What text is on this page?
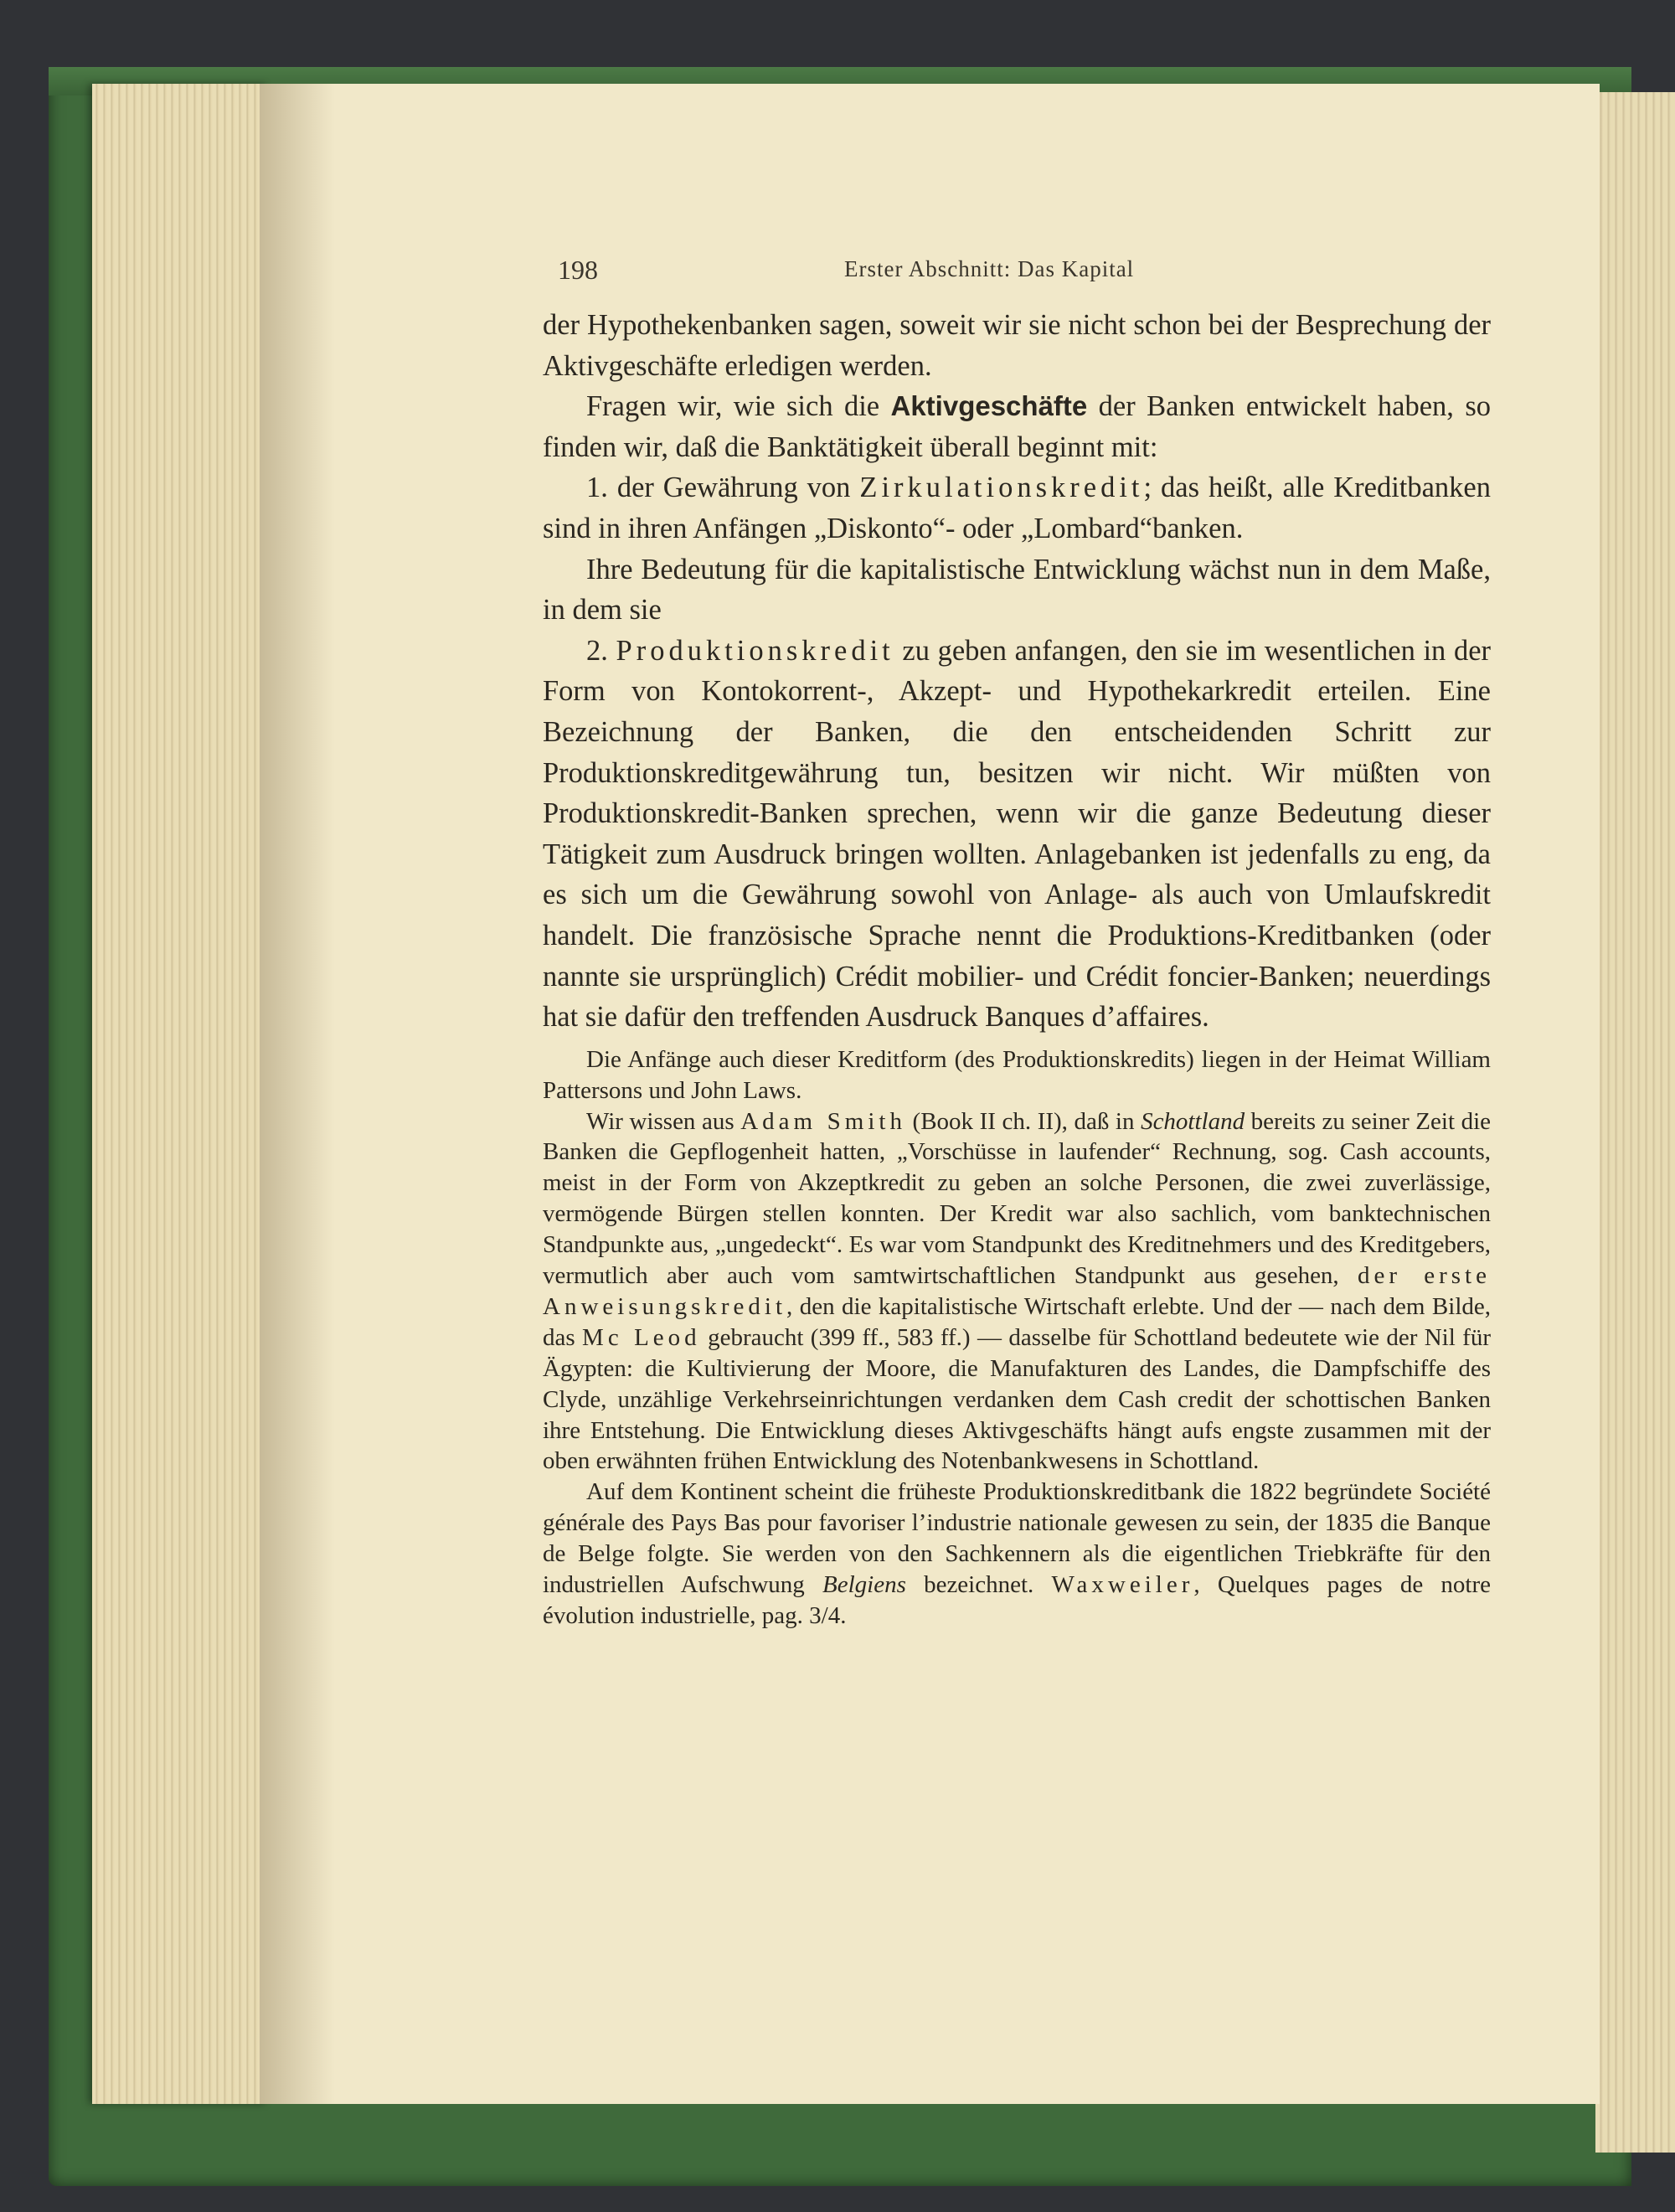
198	Erster Abschnitt: Das Kapital

der Hypothekenbanken sagen, soweit wir sie nicht schon bei der Besprechung der Aktivgeschäfte erledigen werden.

Fragen wir, wie sich die Aktivgeschäfte der Banken entwickelt haben, so finden wir, daß die Banktätigkeit überall beginnt mit:

1. der Gewährung von Zirkulationskredit; das heißt, alle Kreditbanken sind in ihren Anfängen „Diskonto“- oder „Lombard“banken.

Ihre Bedeutung für die kapitalistische Entwicklung wächst nun in dem Maße, in dem sie

2. Produktionskredit zu geben anfangen, den sie im wesentlichen in der Form von Kontokorrent-, Akzept- und Hypothekarkredit erteilen. Eine Bezeichnung der Banken, die den entscheidenden Schritt zur Produktionskreditgewährung tun, besitzen wir nicht. Wir müßten von Produktionskredit-Banken sprechen, wenn wir die ganze Bedeutung dieser Tätigkeit zum Ausdruck bringen wollten. Anlagebanken ist jedenfalls zu eng, da es sich um die Gewährung sowohl von Anlage- als auch von Umlaufskredit handelt. Die französische Sprache nennt die Produktions-Kreditbanken (oder nannte sie ursprünglich) Crédit mobilier- und Crédit foncier-Banken; neuerdings hat sie dafür den treffenden Ausdruck Banques d’affaires.

Die Anfänge auch dieser Kreditform (des Produktionskredits) liegen in der Heimat William Pattersons und John Laws.

Wir wissen aus Adam Smith (Book II ch. II), daß in Schottland bereits zu seiner Zeit die Banken die Gepflogenheit hatten, „Vorschüsse in laufender“ Rechnung, sog. Cash accounts, meist in der Form von Akzeptkredit zu geben an solche Personen, die zwei zuverlässige, vermögende Bürgen stellen konnten. Der Kredit war also sachlich, vom banktechnischen Standpunkte aus, „ungedeckt“. Es war vom Standpunkt des Kreditnehmers und des Kreditgebers, vermutlich aber auch vom samtwirtschaftlichen Standpunkt aus gesehen, der erste Anweisungskredit, den die kapitalistische Wirtschaft erlebte. Und der — nach dem Bilde, das Mc Leod gebraucht (399 ff., 583 ff.) — dasselbe für Schottland bedeutete wie der Nil für Ägypten: die Kultivierung der Moore, die Manufakturen des Landes, die Dampfschiffe des Clyde, unzählige Verkehrseinrichtungen verdanken dem Cash credit der schottischen Banken ihre Entstehung. Die Entwicklung dieses Aktivgeschäfts hängt aufs engste zusammen mit der oben erwähnten frühen Entwicklung des Notenbankwesens in Schottland.

Auf dem Kontinent scheint die früheste Produktionskreditbank die 1822 begründete Société générale des Pays Bas pour favoriser l’industrie nationale gewesen zu sein, der 1835 die Banque de Belge folgte. Sie werden von den Sachkennern als die eigentlichen Triebkräfte für den industriellen Aufschwung Belgiens bezeichnet. Waxweiler, Quelques pages de notre évolution industrielle, pag. 3/4.
